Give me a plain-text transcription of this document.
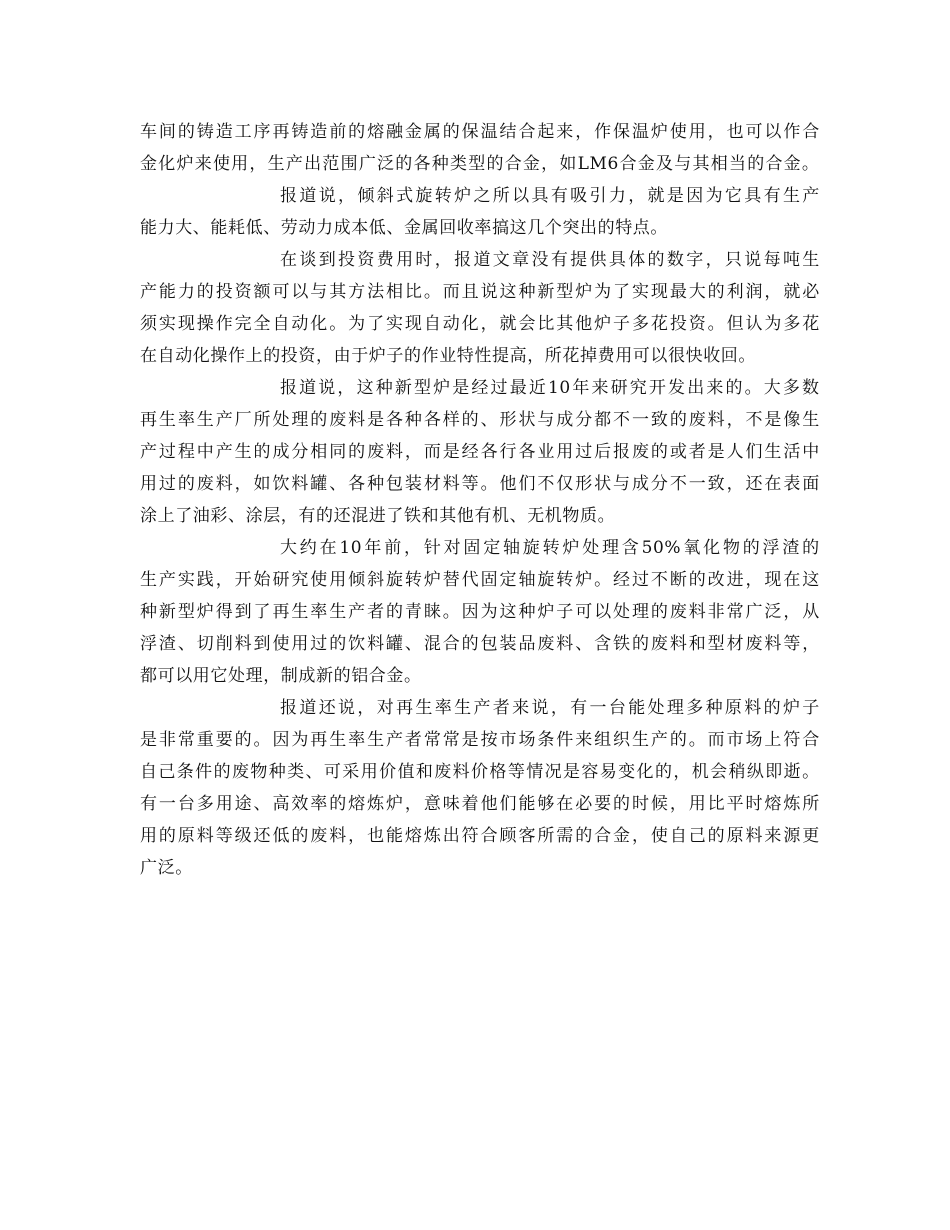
车 间 的 铸 造 工 序 再 铸 造 前 的 熔 融 金 属 的 保 温 结 合 起 来 ， 作 保 温 炉 使 用 ， 也 可 以 作 合
金 化 炉 来 使 用 ， 生 产 出 范 围 广 泛 的 各 种 类 型 的 合 金 ， 如 LM6 合 金 及 与 其 相 当 的 合 金 。
报 道 说 ， 倾 斜 式 旋 转 炉 之 所 以 具 有 吸 引 力 ， 就 是 因 为 它 具 有 生 产
能力大、能耗低、劳动力成本低、金属回收率搞这几个突出的特点。
在 谈 到 投 资 费 用 时 ， 报 道 文 章 没 有 提 供 具 体 的 数 字 ， 只 说 每 吨 生
产 能 力 的 投 资 额 可 以 与 其 方 法 相 比 。 而 且 说 这 种 新 型 炉 为 了 实 现 最 大 的 利 润 ， 就 必
须 实 现 操 作 完 全 自 动 化 。 为 了 实 现 自 动 化 ， 就 会 比 其 他 炉 子 多 花 投 资 。 但 认 为 多 花
在自动化操作上的投资，由于炉子的作业特性提高，所花掉费用可以很快收回。
报 道 说 ， 这 种 新 型 炉 是 经 过 最 近 10 年 来 研 究 开 发 出 来 的 。 大 多 数
再 生 率 生 产 厂 所 处 理 的 废 料 是 各 种 各 样 的 、 形 状 与 成 分 都 不 一 致 的 废 料 ， 不 是 像 生
产 过 程 中 产 生 的 成 分 相 同 的 废 料 ， 而 是 经 各 行 各 业 用 过 后 报 废 的 或 者 是 人 们 生 活 中
用 过 的 废 料 ， 如 饮 料 罐 、 各 种 包 装 材 料 等 。 他 们 不 仅 形 状 与 成 分 不 一 致 ， 还 在 表 面
涂上了油彩、涂层，有的还混进了铁和其他有机、无机物质。
大 约 在 10 年 前 ， 针 对 固 定 轴 旋 转 炉 处 理 含 50% 氧 化 物 的 浮 渣 的
生 产 实 践 ， 开 始 研 究 使 用 倾 斜 旋 转 炉 替 代 固 定 轴 旋 转 炉 。 经 过 不 断 的 改 进 ， 现 在 这
种 新 型 炉 得 到 了 再 生 率 生 产 者 的 青 睐 。 因 为 这 种 炉 子 可 以 处 理 的 废 料 非 常 广 泛 ， 从
浮 渣 、 切 削 料 到 使 用 过 的 饮 料 罐 、 混 合 的 包 装 品 废 料 、 含 铁 的 废 料 和 型 材 废 料 等 ，
都可以用它处理，制成新的铝合金。
报 道 还 说 ， 对 再 生 率 生 产 者 来 说 ， 有 一 台 能 处 理 多 种 原 料 的 炉 子
是 非 常 重 要 的 。 因 为 再 生 率 生 产 者 常 常 是 按 市 场 条 件 来 组 织 生 产 的 。 而 市 场 上 符 合
自 己 条 件 的 废 物 种 类 、 可 采 用 价 值 和 废 料 价 格 等 情 况 是 容 易 变 化 的 ， 机 会 稍 纵 即 逝 。
有 一 台 多 用 途 、 高 效 率 的 熔 炼 炉 ， 意 味 着 他 们 能 够 在 必 要 的 时 候 ， 用 比 平 时 熔 炼 所
用 的 原 料 等 级 还 低 的 废 料 ， 也 能 熔 炼 出 符 合 顾 客 所 需 的 合 金 ， 使 自 己 的 原 料 来 源 更
广泛。
